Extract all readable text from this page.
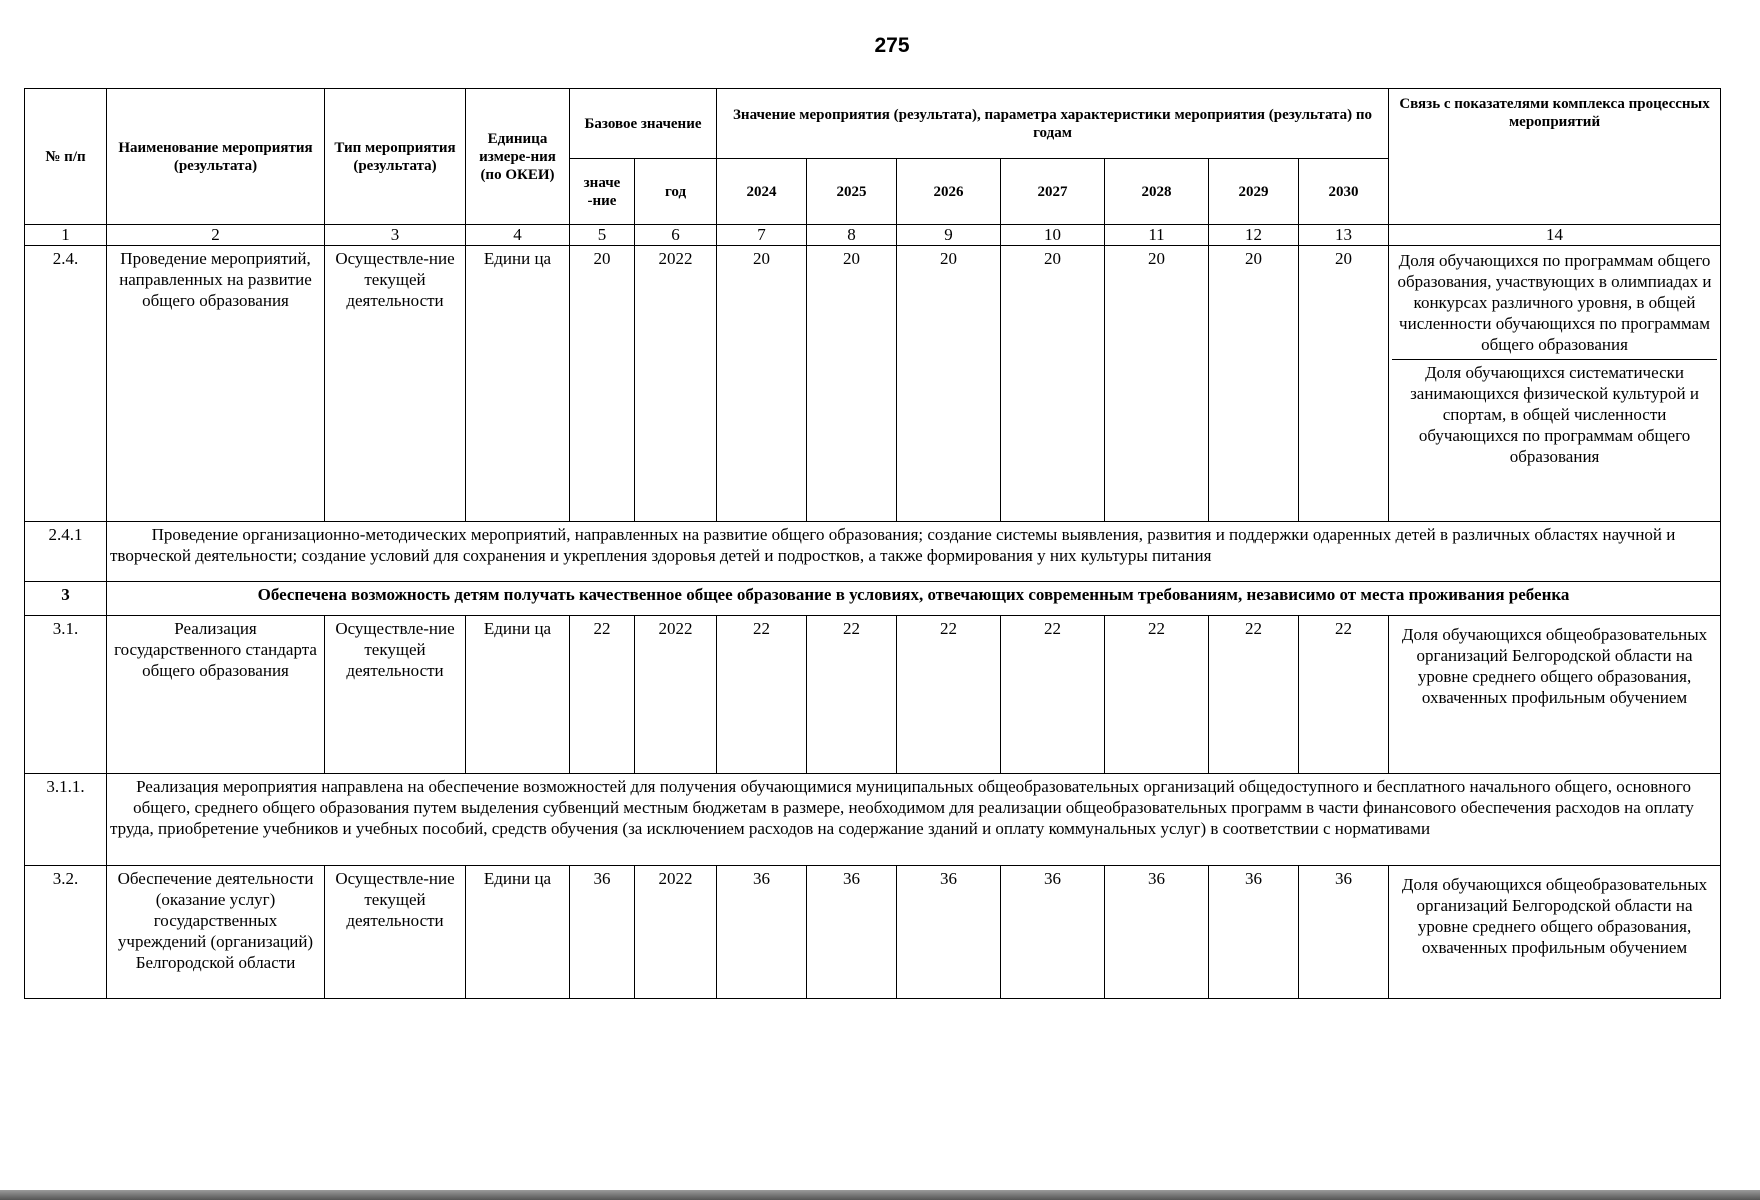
275
№ п/п	Наименование мероприятия (результата)	Тип мероприятия (результата)	Единица измере-ния (по ОКЕИ)	Базовое значение		Значение мероприятия (результата), параметра характеристики мероприятия (результата) по годам							Связь с показателями комплекса процессных мероприятий
				значе -ние	год	2024	2025	2026	2027	2028	2029	2030	
1	2	3	4	5	6	7	8	9	10	11	12	13	14
2.4.	Проведение мероприятий, направленных на развитие общего образования	Осуществле-ние текущей деятельности	Едини ца	20	2022	20	20	20	20	20	20	20	Доля обучающихся по программам общего образования, участвующих в олимпиадах и конкурсах различного уровня, в общей численности обучающихся по программам общего образования
Доля обучающихся систематически занимающихся физической культурой и спортам, в общей численности обучающихся по программам общего образования

2.4.1	Проведение организационно-методических мероприятий, направленных на развитие общего образования; создание системы выявления, развития и поддержки одаренных детей в различных областях научной и творческой деятельности; создание условий для сохранения и укрепления здоровья детей и подростков, а также формирования у них культуры питания												
3	Обеспечена возможность детям получать качественное общее образование в условиях, отвечающих современным требованиям, независимо от места проживания ребенка												
3.1.	Реализация государственного стандарта общего образования	Осуществле-ние текущей деятельности	Едини ца	22	2022	22	22	22	22	22	22	22	Доля обучающихся общеобразовательных организаций Белгородской области на уровне среднего общего образования, охваченных профильным обучением
3.1.1.	Реализация мероприятия направлена на обеспечение возможностей для получения обучающимися муниципальных общеобразовательных организаций общедоступного и бесплатного начального общего, основного общего, среднего общего образования путем выделения субвенций местным бюджетам в размере, необходимом для реализации общеобразовательных программ в части финансового обеспечения расходов на оплату труда, приобретение учебников и учебных пособий, средств обучения (за исключением расходов на содержание зданий и оплату коммунальных услуг) в соответствии с нормативами												
3.2.	Обеспечение деятельности (оказание услуг) государственных учреждений (организаций) Белгородской области	Осуществле-ние текущей деятельности	Едини ца	36	2022	36	36	36	36	36	36	36	Доля обучающихся общеобразовательных организаций Белгородской области на уровне среднего общего образования, охваченных профильным обучением
